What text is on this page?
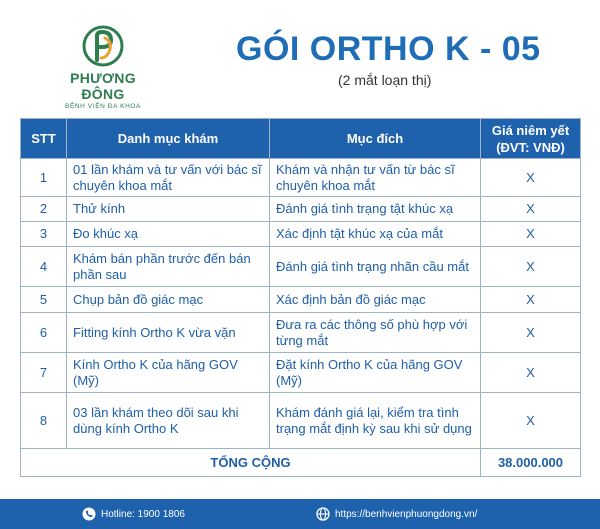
PHƯƠNG ĐÔNG
BỆNH VIỆN ĐA KHOA
GÓI ORTHO K - 05
(2 mắt loạn thị)
STT	Danh mục khám	Mục đích	Giá niêm yết
(ĐVT: VNĐ)
1	01 lần khám và tư vấn với bác sĩ chuyên khoa mắt	Khám và nhận tư vấn từ bác sĩ chuyên khoa mắt	X
2	Thử kính	Đánh giá tình trạng tật khúc xạ	X
3	Đo khúc xạ	Xác định tật khúc xạ của mắt	X
4	Khám bán phần trước đến bán phần sau	Đánh giá tình trạng nhãn cầu mắt	X
5	Chụp bản đồ giác mạc	Xác định bản đồ giác mạc	X
6	Fitting kính Ortho K vừa vặn	Đưa ra các thông số phù hợp với từng mắt	X
7	Kính Ortho K của hãng GOV (Mỹ)	Đặt kính Ortho K của hãng GOV (Mỹ)	X
8	03 lần khám theo dõi sau khi dùng kính Ortho K	Khám đánh giá lại, kiểm tra tình trạng mắt định kỳ sau khi sử dụng	X
TỔNG CỘNG			38.000.000
Hotline: 1900 1806	https://benhvienphuongdong.vn/
